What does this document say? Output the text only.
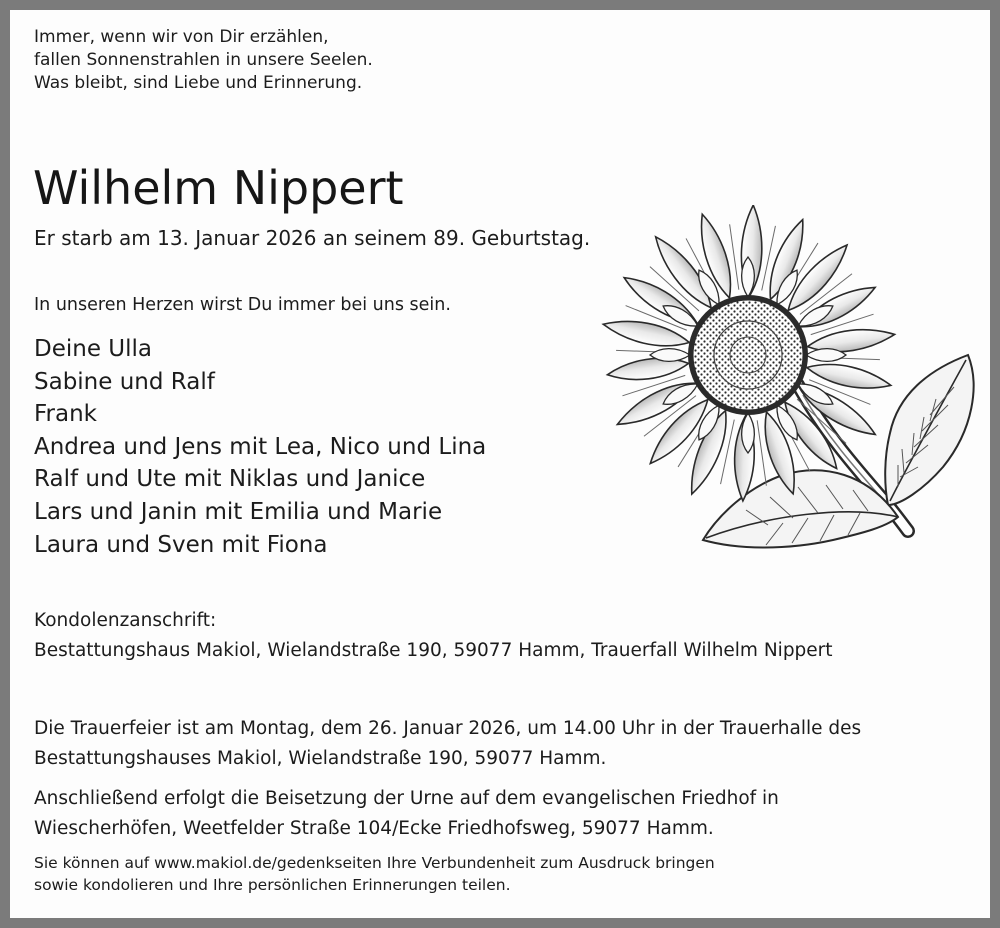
Immer, wenn wir von Dir erzählen,
fallen Sonnenstrahlen in unsere Seelen.
Was bleibt, sind Liebe und Erinnerung.
Wilhelm Nippert
Er starb am 13. Januar 2026 an seinem 89. Geburtstag.
In unseren Herzen wirst Du immer bei uns sein.
Deine Ulla
Sabine und Ralf
Frank
Andrea und Jens mit Lea, Nico und Lina
Ralf und Ute mit Niklas und Janice
Lars und Janin mit Emilia und Marie
Laura und Sven mit Fiona
Kondolenzanschrift:
Bestattungshaus Makiol, Wielandstraße 190, 59077 Hamm, Trauerfall Wilhelm Nippert
Die Trauerfeier ist am Montag, dem 26. Januar 2026, um 14.00 Uhr in der Trauerhalle des
Bestattungshauses Makiol, Wielandstraße 190, 59077 Hamm.
Anschließend erfolgt die Beisetzung der Urne auf dem evangelischen Friedhof in
Wiescherhöfen, Weetfelder Straße 104/Ecke Friedhofsweg, 59077 Hamm.
Sie können auf www.makiol.de/gedenkseiten Ihre Verbundenheit zum Ausdruck bringen
sowie kondolieren und Ihre persönlichen Erinnerungen teilen.
